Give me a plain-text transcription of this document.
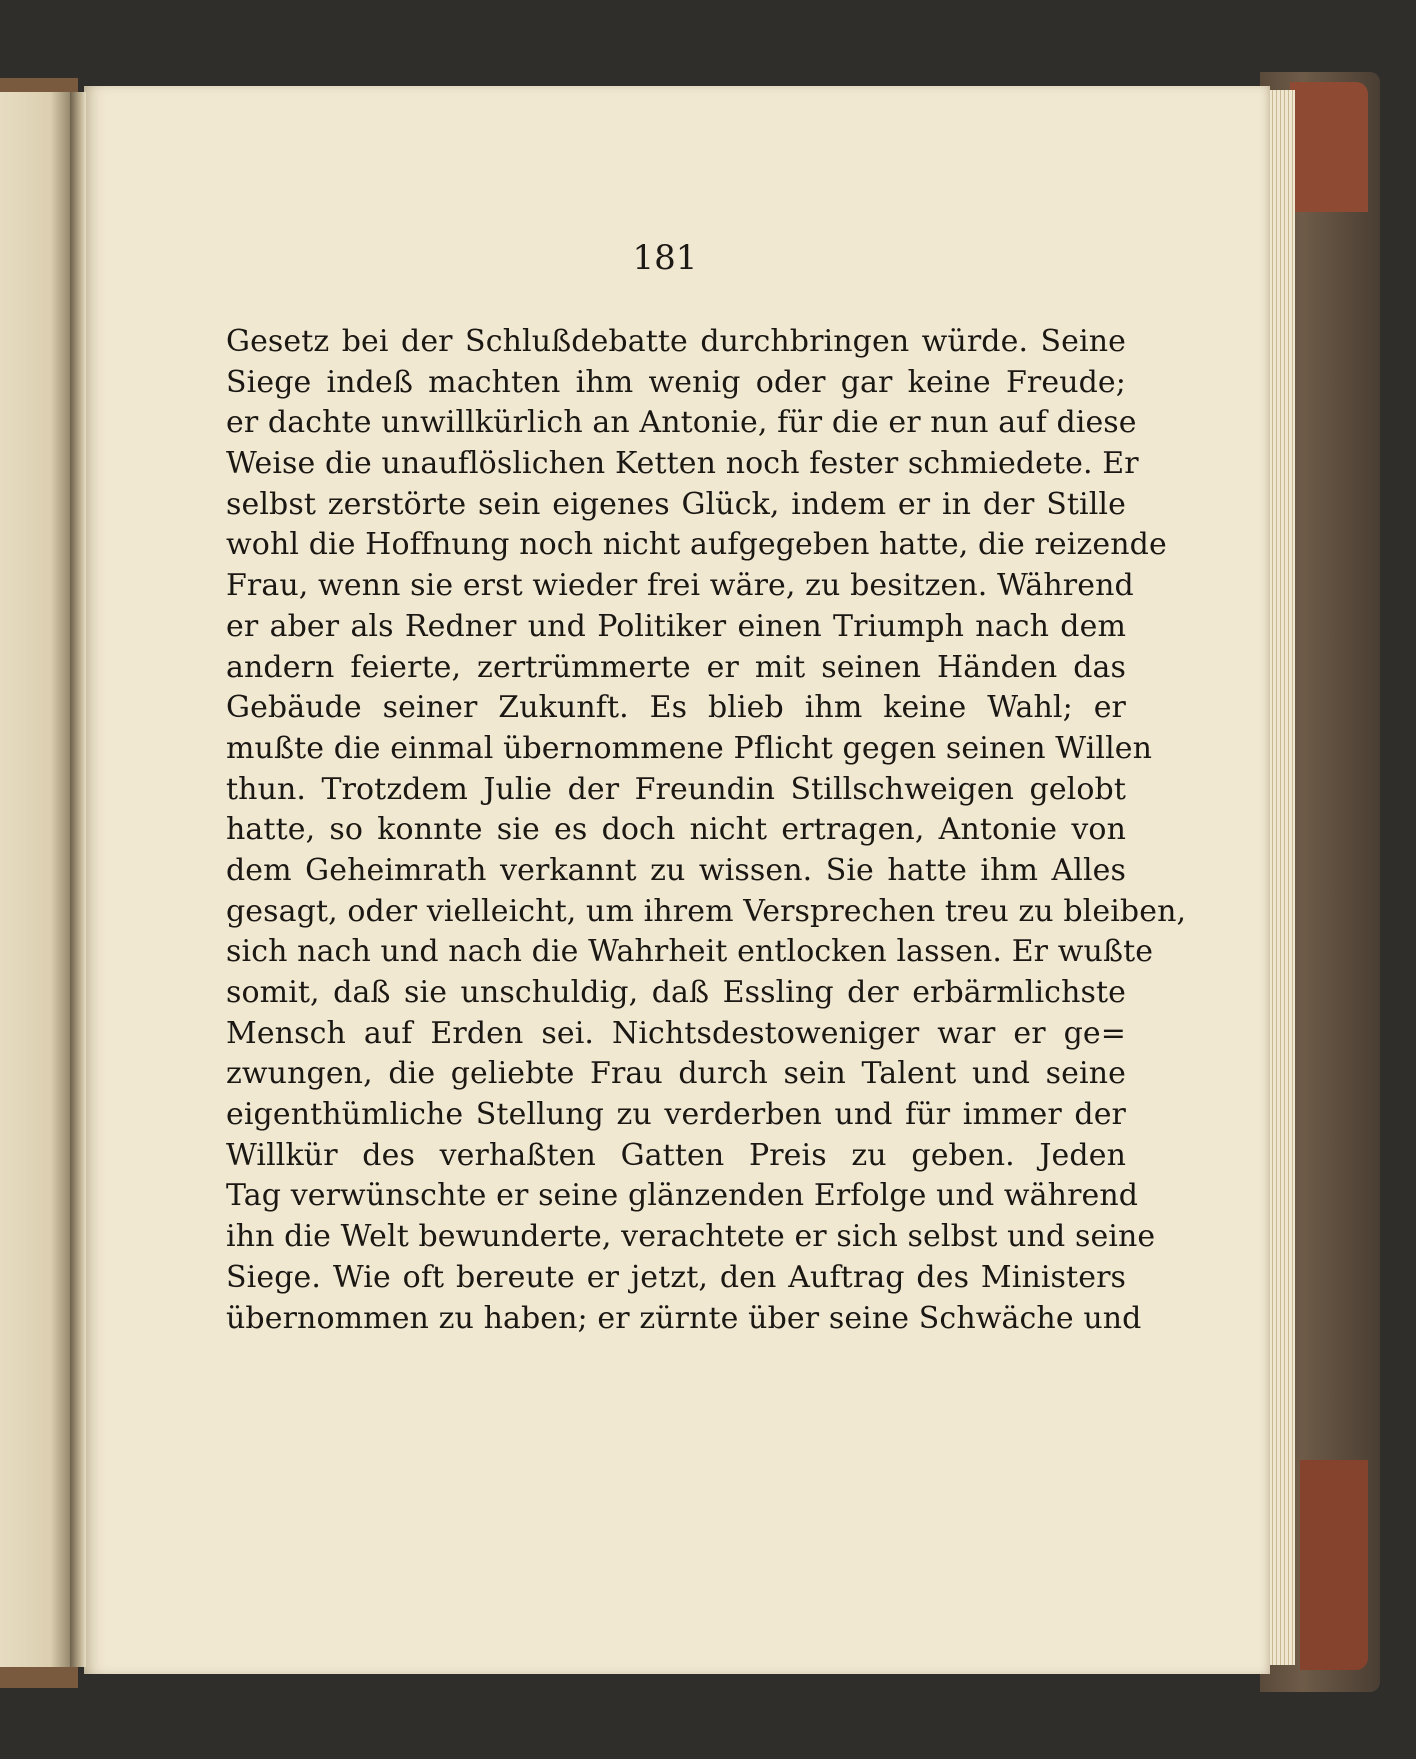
181
Gesetz bei der Schlußdebatte durchbringen würde. Seine
Siege indeß machten ihm wenig oder gar keine Freude;
er dachte unwillkürlich an Antonie, für die er nun auf diese
Weise die unauflöslichen Ketten noch fester schmiedete. Er
selbst zerstörte sein eigenes Glück, indem er in der Stille
wohl die Hoffnung noch nicht aufgegeben hatte, die reizende
Frau, wenn sie erst wieder frei wäre, zu besitzen. Während
er aber als Redner und Politiker einen Triumph nach dem
andern feierte, zertrümmerte er mit seinen Händen das
Gebäude seiner Zukunft. Es blieb ihm keine Wahl; er
mußte die einmal übernommene Pflicht gegen seinen Willen
thun. Trotzdem Julie der Freundin Stillschweigen gelobt
hatte, so konnte sie es doch nicht ertragen, Antonie von
dem Geheimrath verkannt zu wissen. Sie hatte ihm Alles
gesagt, oder vielleicht, um ihrem Versprechen treu zu bleiben,
sich nach und nach die Wahrheit entlocken lassen. Er wußte
somit, daß sie unschuldig, daß Essling der erbärmlichste
Mensch auf Erden sei. Nichtsdestoweniger war er ge=
zwungen, die geliebte Frau durch sein Talent und seine
eigenthümliche Stellung zu verderben und für immer der
Willkür des verhaßten Gatten Preis zu geben. Jeden
Tag verwünschte er seine glänzenden Erfolge und während
ihn die Welt bewunderte, verachtete er sich selbst und seine
Siege. Wie oft bereute er jetzt, den Auftrag des Ministers
übernommen zu haben; er zürnte über seine Schwäche und
